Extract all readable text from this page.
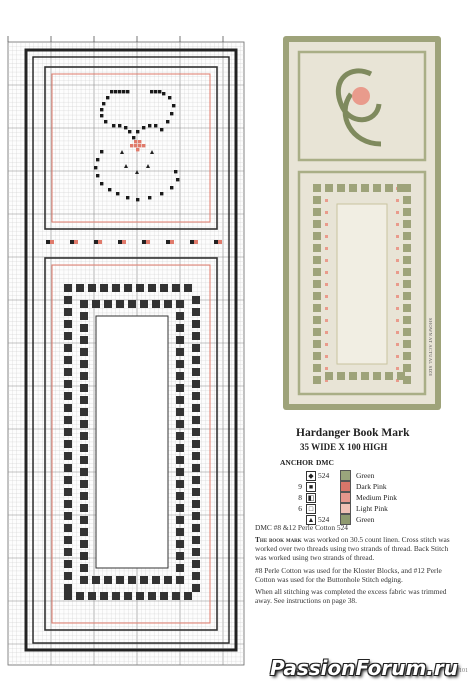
SHOWN AT ACTUAL SIZE
Hardanger Book Mark
35 WIDE X 100 HIGH
ANCHOR DMC
◆ 524	Green
9 ■	Dark Pink
8 ◧	Medium Pink
6 □	Light Pink
▲ 524	Green
DMC #8 &12 Perle Cotton 524

The book mark was worked on 30.5 count linen. Cross stitch was worked over two threads using two strands of thread. Back Stitch was worked using two strands of thread.

#8 Perle Cotton was used for the Kloster Blocks, and #12 Perle Cotton was used for the Buttonhole Stitch edging.

When all stitching was completed the excess fabric was trimmed away. See instructions on page 38.

101
PassionForum.ru
